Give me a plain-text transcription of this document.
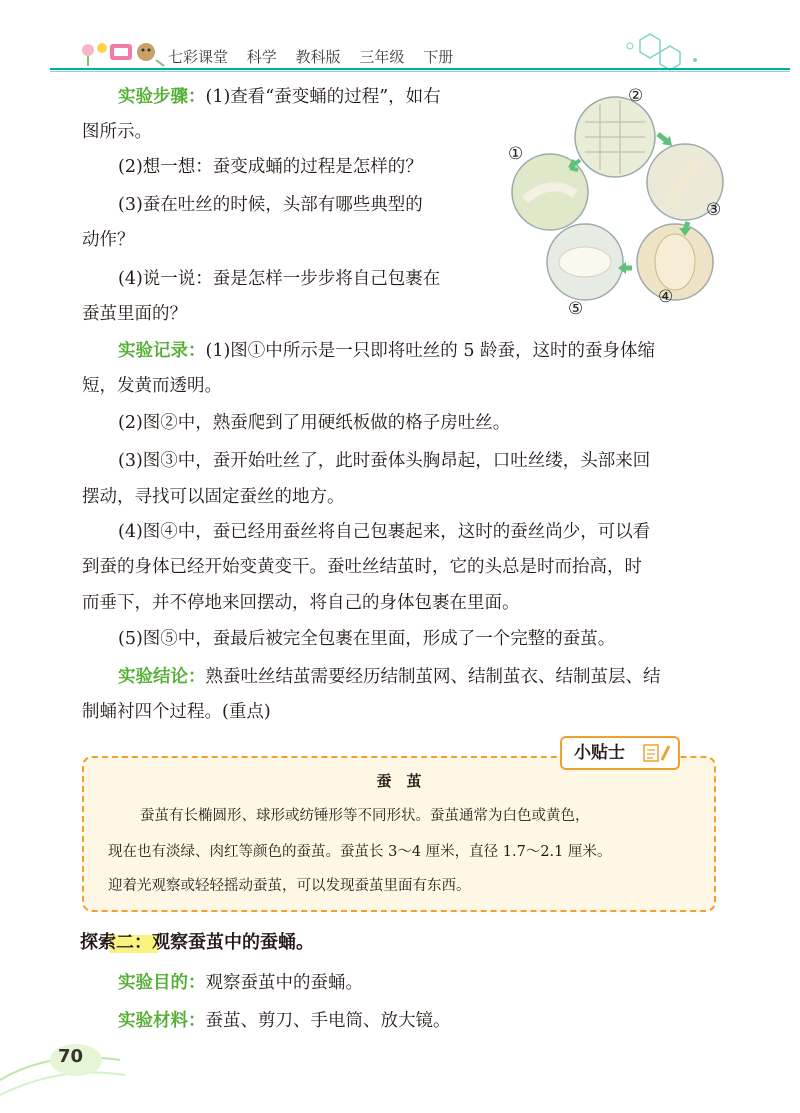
七彩课堂 科学 教科版 三年级 下册
实验步骤：(1)查看“蚕变蛹的过程”，如右
图所示。
(2)想一想：蚕变成蛹的过程是怎样的？
(3)蚕在吐丝的时候，头部有哪些典型的
动作？
(4)说一说：蚕是怎样一步步将自己包裹在
蚕茧里面的？
①
②
③
④
⑤
实验记录：(1)图①中所示是一只即将吐丝的 5 龄蚕，这时的蚕身体缩
短，发黄而透明。
(2)图②中，熟蚕爬到了用硬纸板做的格子房吐丝。
(3)图③中，蚕开始吐丝了，此时蚕体头胸昂起，口吐丝缕，头部来回
摆动，寻找可以固定蚕丝的地方。
(4)图④中，蚕已经用蚕丝将自己包裹起来，这时的蚕丝尚少，可以看
到蚕的身体已经开始变黄变干。蚕吐丝结茧时，它的头总是时而抬高，时
而垂下，并不停地来回摆动，将自己的身体包裹在里面。
(5)图⑤中，蚕最后被完全包裹在里面，形成了一个完整的蚕茧。
实验结论：熟蚕吐丝结茧需要经历结制茧网、结制茧衣、结制茧层、结
制蛹衬四个过程。(重点)
小贴士
蚕　茧
蚕茧有长椭圆形、球形或纺锤形等不同形状。蚕茧通常为白色或黄色，
现在也有淡绿、肉红等颜色的蚕茧。蚕茧长 3～4 厘米，直径 1.7～2.1 厘米。
迎着光观察或轻轻摇动蚕茧，可以发现蚕茧里面有东西。
探索二：观察蚕茧中的蚕蛹。
实验目的：观察蚕茧中的蚕蛹。
实验材料：蚕茧、剪刀、手电筒、放大镜。
70
